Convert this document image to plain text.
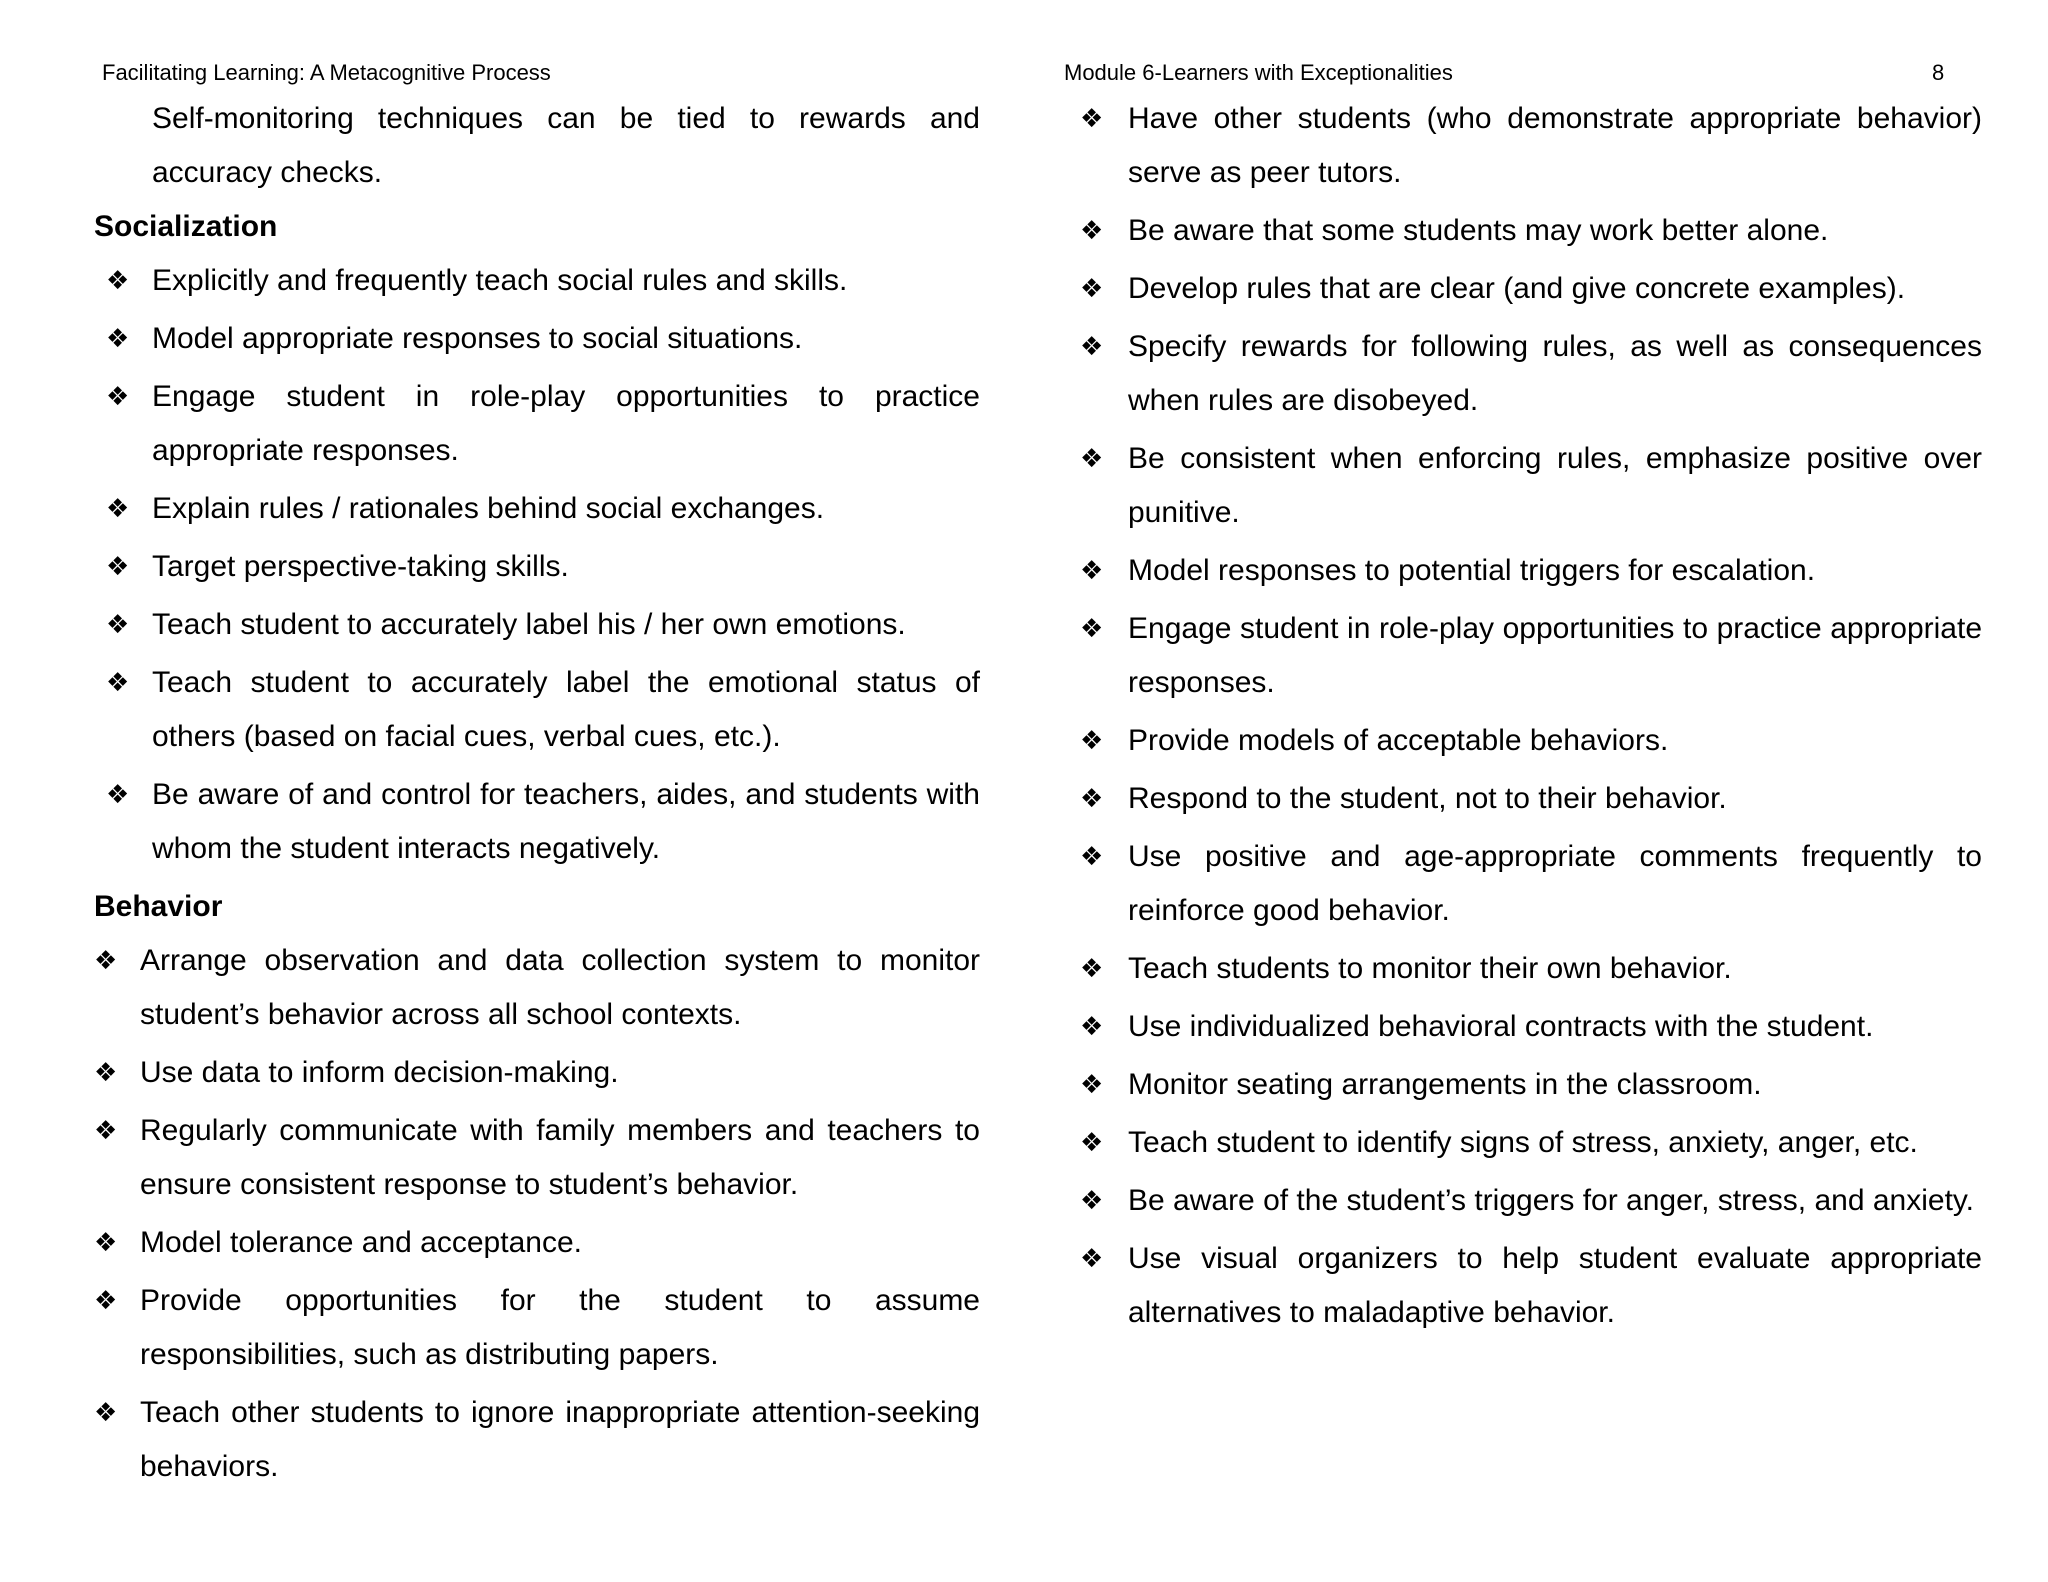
Facilitating Learning: A Metacognitive Process

Self-monitoring techniques can be tied to rewards and accuracy checks.

Socialization

❖ Explicitly and frequently teach social rules and skills.
❖ Model appropriate responses to social situations.
❖ Engage student in role-play opportunities to practice appropriate responses.
❖ Explain rules / rationales behind social exchanges.
❖ Target perspective-taking skills.
❖ Teach student to accurately label his / her own emotions.
❖ Teach student to accurately label the emotional status of others (based on facial cues, verbal cues, etc.).
❖ Be aware of and control for teachers, aides, and students with whom the student interacts negatively.

Behavior

❖ Arrange observation and data collection system to monitor student’s behavior across all school contexts.
❖ Use data to inform decision-making.
❖ Regularly communicate with family members and teachers to ensure consistent response to student’s behavior.
❖ Model tolerance and acceptance.
❖ Provide opportunities for the student to assume responsibilities, such as distributing papers.
❖ Teach other students to ignore inappropriate attention-seeking behaviors.
Module 6-Learners with Exceptionalities	8
❖ Have other students (who demonstrate appropriate behavior) serve as peer tutors.
❖ Be aware that some students may work better alone.
❖ Develop rules that are clear (and give concrete examples).
❖ Specify rewards for following rules, as well as consequences when rules are disobeyed.
❖ Be consistent when enforcing rules, emphasize positive over punitive.
❖ Model responses to potential triggers for escalation.
❖ Engage student in role-play opportunities to practice appropriate responses.
❖ Provide models of acceptable behaviors.
❖ Respond to the student, not to their behavior.
❖ Use positive and age-appropriate comments frequently to reinforce good behavior.
❖ Teach students to monitor their own behavior.
❖ Use individualized behavioral contracts with the student.
❖ Monitor seating arrangements in the classroom.
❖ Teach student to identify signs of stress, anxiety, anger, etc.
❖ Be aware of the student’s triggers for anger, stress, and anxiety.
❖ Use visual organizers to help student evaluate appropriate alternatives to maladaptive behavior.
